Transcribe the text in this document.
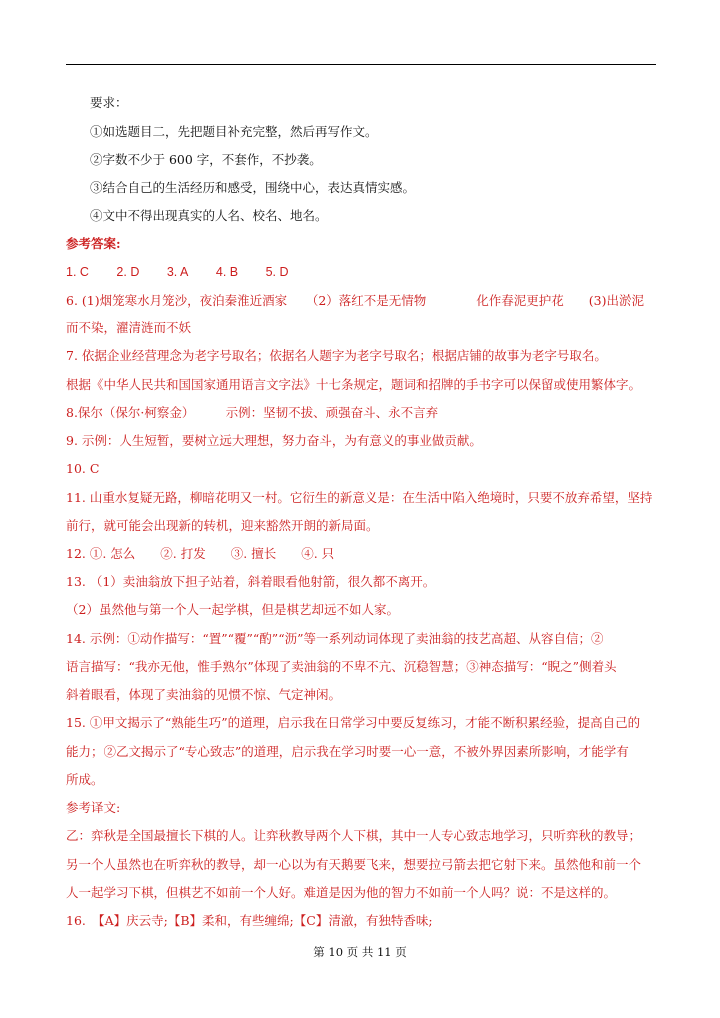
要求：
①如选题目二，先把题目补充完整，然后再写作文。
②字数不少于 600 字，不套作，不抄袭。
③结合自己的生活经历和感受，围绕中心，表达真情实感。
④文中不得出现真实的人名、校名、地名。
参考答案:
1. C 2. D 3. A 4. B 5. D
6. (1)烟笼寒水月笼沙，夜泊秦淮近酒家　　（2）落红不是无情物　　　　化作春泥更护花　　(3)出淤泥
而不染，濯清涟而不妖
7. 依据企业经营理念为老字号取名；依据名人题字为老字号取名；根据店铺的故事为老字号取名。
根据《中华人民共和国国家通用语言文字法》十七条规定，题词和招牌的手书字可以保留或使用繁体字。
8.保尔（保尔·柯察金）　　　示例：坚韧不拔、顽强奋斗、永不言弃
9. 示例：人生短暂，要树立远大理想，努力奋斗，为有意义的事业做贡献。
10. C
11. 山重水复疑无路，柳暗花明又一村。它衍生的新意义是：在生活中陷入绝境时，只要不放弃希望，坚持
前行，就可能会出现新的转机，迎来豁然开朗的新局面。
12. ①. 怎么　　②. 打发　　③. 擅长　　④. 只
13. （1）卖油翁放下担子站着，斜着眼看他射箭，很久都不离开。
（2）虽然他与第一个人一起学棋，但是棋艺却远不如人家。
14. 示例：①动作描写：“置”“覆”“酌”“沥”等一系列动词体现了卖油翁的技艺高超、从容自信；②
语言描写：“我亦无他，惟手熟尔”体现了卖油翁的不卑不亢、沉稳智慧；③神态描写：“睨之”侧着头
斜着眼看，体现了卖油翁的见惯不惊、气定神闲。
15. ①甲文揭示了“熟能生巧”的道理，启示我在日常学习中要反复练习，才能不断积累经验，提高自己的
能力；②乙文揭示了“专心致志”的道理，启示我在学习时要一心一意，不被外界因素所影响，才能学有
所成。
参考译文:
乙：弈秋是全国最擅长下棋的人。让弈秋教导两个人下棋，其中一人专心致志地学习，只听弈秋的教导；
另一个人虽然也在听弈秋的教导，却一心以为有天鹅要飞来，想要拉弓箭去把它射下来。虽然他和前一个
人一起学习下棋，但棋艺不如前一个人好。难道是因为他的智力不如前一个人吗？说：不是这样的。
16.　【A】庆云寺;【B】柔和，有些缠绵;【C】清澈，有独特香味;
第 10 页 共 11 页
